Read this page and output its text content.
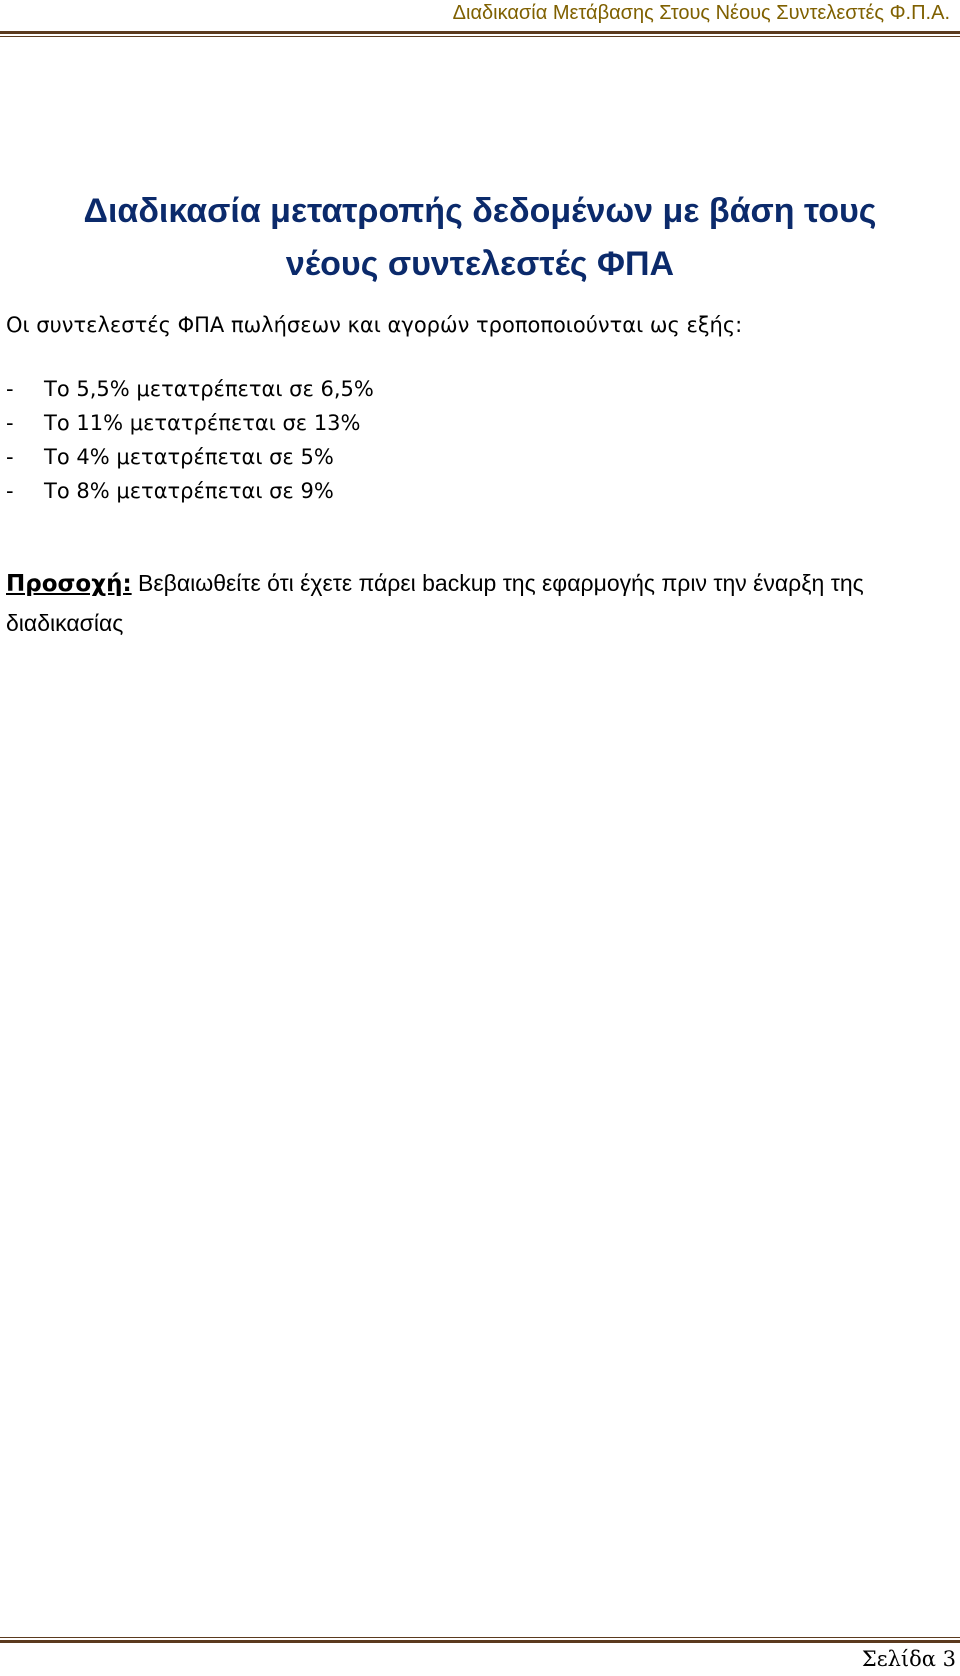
Διαδικασία Μετάβασης Στους Νέους Συντελεστές Φ.Π.Α.
Διαδικασία μετατροπής δεδομένων με βάση τους
νέους συντελεστές ΦΠΑ

Οι συντελεστές ΦΠΑ πωλήσεων και αγορών τροποποιούνται ως εξής:

-	Το 5,5% μετατρέπεται σε 6,5%
-	Το 11% μετατρέπεται σε 13%
-	Το 4% μετατρέπεται σε 5%
-	Το 8% μετατρέπεται σε 9%

Προσοχή: Βεβαιωθείτε ότι έχετε πάρει backup της εφαρμογής πριν την έναρξη της διαδικασίας

Σελίδα 3
